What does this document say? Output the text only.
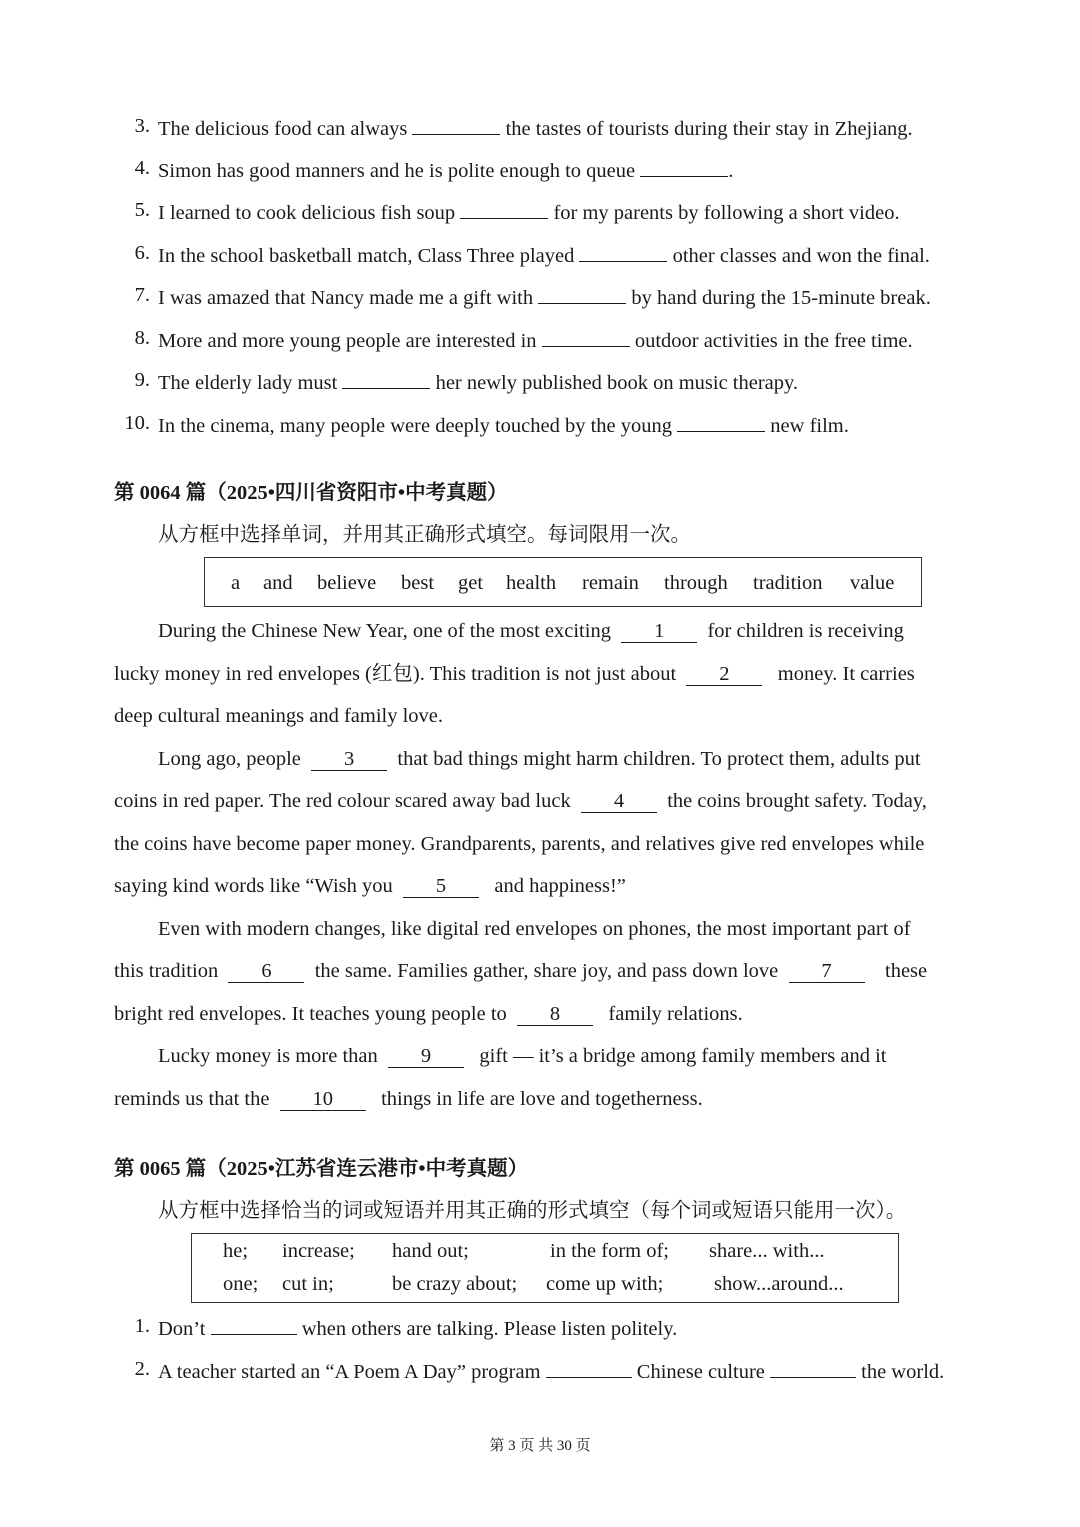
3. The delicious food can always	the tastes of tourists during their stay in Zhejiang.
4. Simon has good manners and he is polite enough to queue	.
5. I learned to cook delicious fish soup	for my parents by following a short video.
6. In the school basketball match, Class Three played	other classes and won the final.
7. I was amazed that Nancy made me a gift with	by hand during the 15-minute break.
8. More and more young people are interested in	outdoor activities in the free time.
9. The elderly lady must	her newly published book on music therapy.
10. In the cinema, many people were deeply touched by the young	new film.
第 0064 篇（2025•四川省资阳市•中考真题）
从方框中选择单词，并用其正确形式填空。每词限用一次。
a and believe best get health remain through tradition value
During the Chinese New Year, one of the most exciting 1 for children is receiving
lucky money in red envelopes (红包). This tradition is not just about 2 money. It carries
deep cultural meanings and family love.
Long ago, people 3 that bad things might harm children. To protect them, adults put
coins in red paper. The red colour scared away bad luck 4 the coins brought safety. Today,
the coins have become paper money. Grandparents, parents, and relatives give red envelopes while
saying kind words like “Wish you 5 and happiness!”
Even with modern changes, like digital red envelopes on phones, the most important part of
this tradition 6 the same. Families gather, share joy, and pass down love 7	these
bright red envelopes. It teaches young people to 8 family relations.
Lucky money is more than 9 gift — it’s a bridge among family members and it
reminds us that the 10 things in life are love and togetherness.
第 0065 篇（2025•江苏省连云港市•中考真题）
从方框中选择恰当的词或短语并用其正确的形式填空（每个词或短语只能用一次）。
he; increase; hand out;	in the form of; share... with...
one; cut in;	be crazy about; come up with; show...around...
1. Don’t	when others are talking. Please listen politely.
2. A teacher started an “A Poem A Day” program	Chinese culture	the world.
第 3 页 共 30 页
